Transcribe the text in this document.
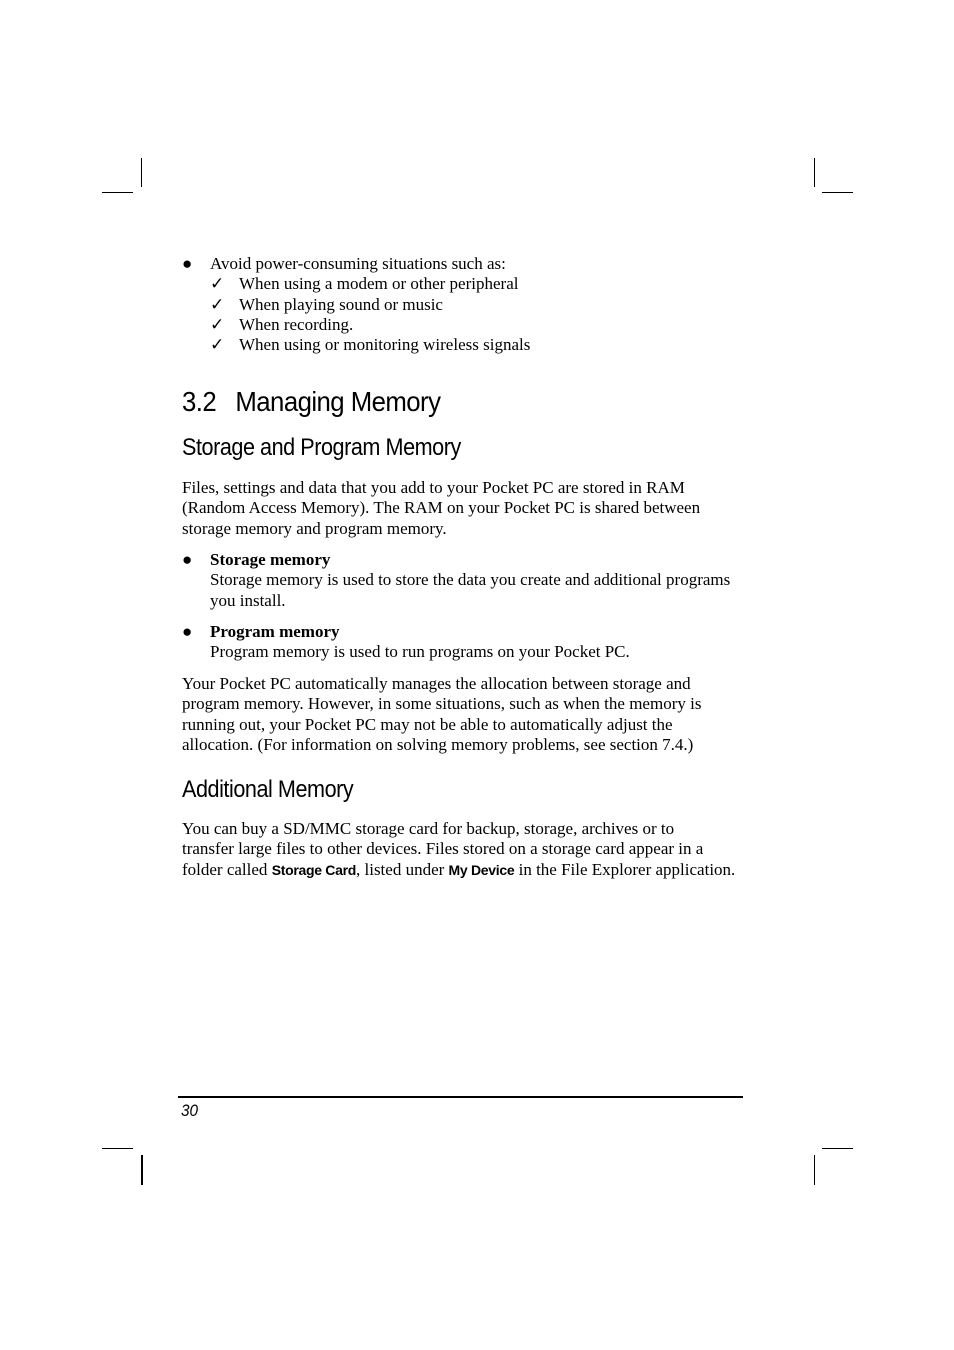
● Avoid power-consuming situations such as:
✓ When using a modem or other peripheral
✓ When playing sound or music
✓ When recording.
✓ When using or monitoring wireless signals
3.2 Managing Memory
Storage and Program Memory
Files, settings and data that you add to your Pocket PC are stored in RAM
(Random Access Memory). The RAM on your Pocket PC is shared between
storage memory and program memory.
● Storage memory
Storage memory is used to store the data you create and additional programs
you install.
● Program memory
Program memory is used to run programs on your Pocket PC.
Your Pocket PC automatically manages the allocation between storage and
program memory. However, in some situations, such as when the memory is
running out, your Pocket PC may not be able to automatically adjust the
allocation. (For information on solving memory problems, see section 7.4.)
Additional Memory
You can buy a SD/MMC storage card for backup, storage, archives or to
transfer large files to other devices. Files stored on a storage card appear in a
folder called Storage Card, listed under My Device in the File Explorer application.
30
